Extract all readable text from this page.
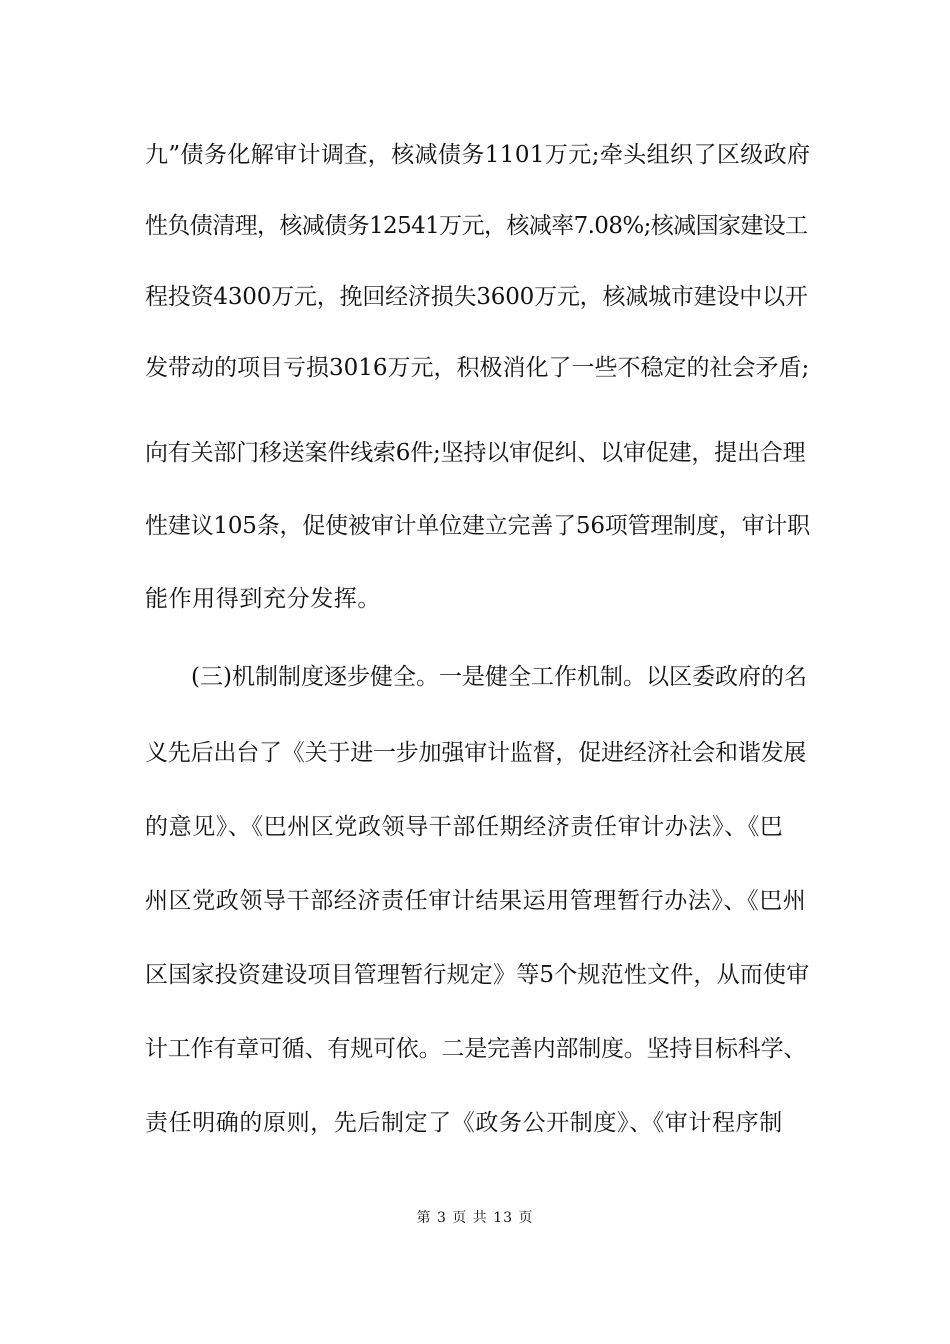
九”债务化解审计调查，核减债务1101万元;牵头组织了区级政府
性负债清理，核减债务12541万元，核减率7.08%;核减国家建设工
程投资4300万元，挽回经济损失3600万元，核减城市建设中以开
发带动的项目亏损3016万元，积极消化了一些不稳定的社会矛盾;
向有关部门移送案件线索6件;坚持以审促纠、以审促建，提出合理
性建议105条，促使被审计单位建立完善了56项管理制度，审计职
能作用得到充分发挥。
　　(三)机制制度逐步健全。一是健全工作机制。以区委政府的名
义先后出台了《关于进一步加强审计监督，促进经济社会和谐发展
的意见》、《巴州区党政领导干部任期经济责任审计办法》、《巴
州区党政领导干部经济责任审计结果运用管理暂行办法》、《巴州
区国家投资建设项目管理暂行规定》等5个规范性文件，从而使审
计工作有章可循、有规可依。二是完善内部制度。坚持目标科学、
责任明确的原则，先后制定了《政务公开制度》、《审计程序制
第 3 页 共 13 页
